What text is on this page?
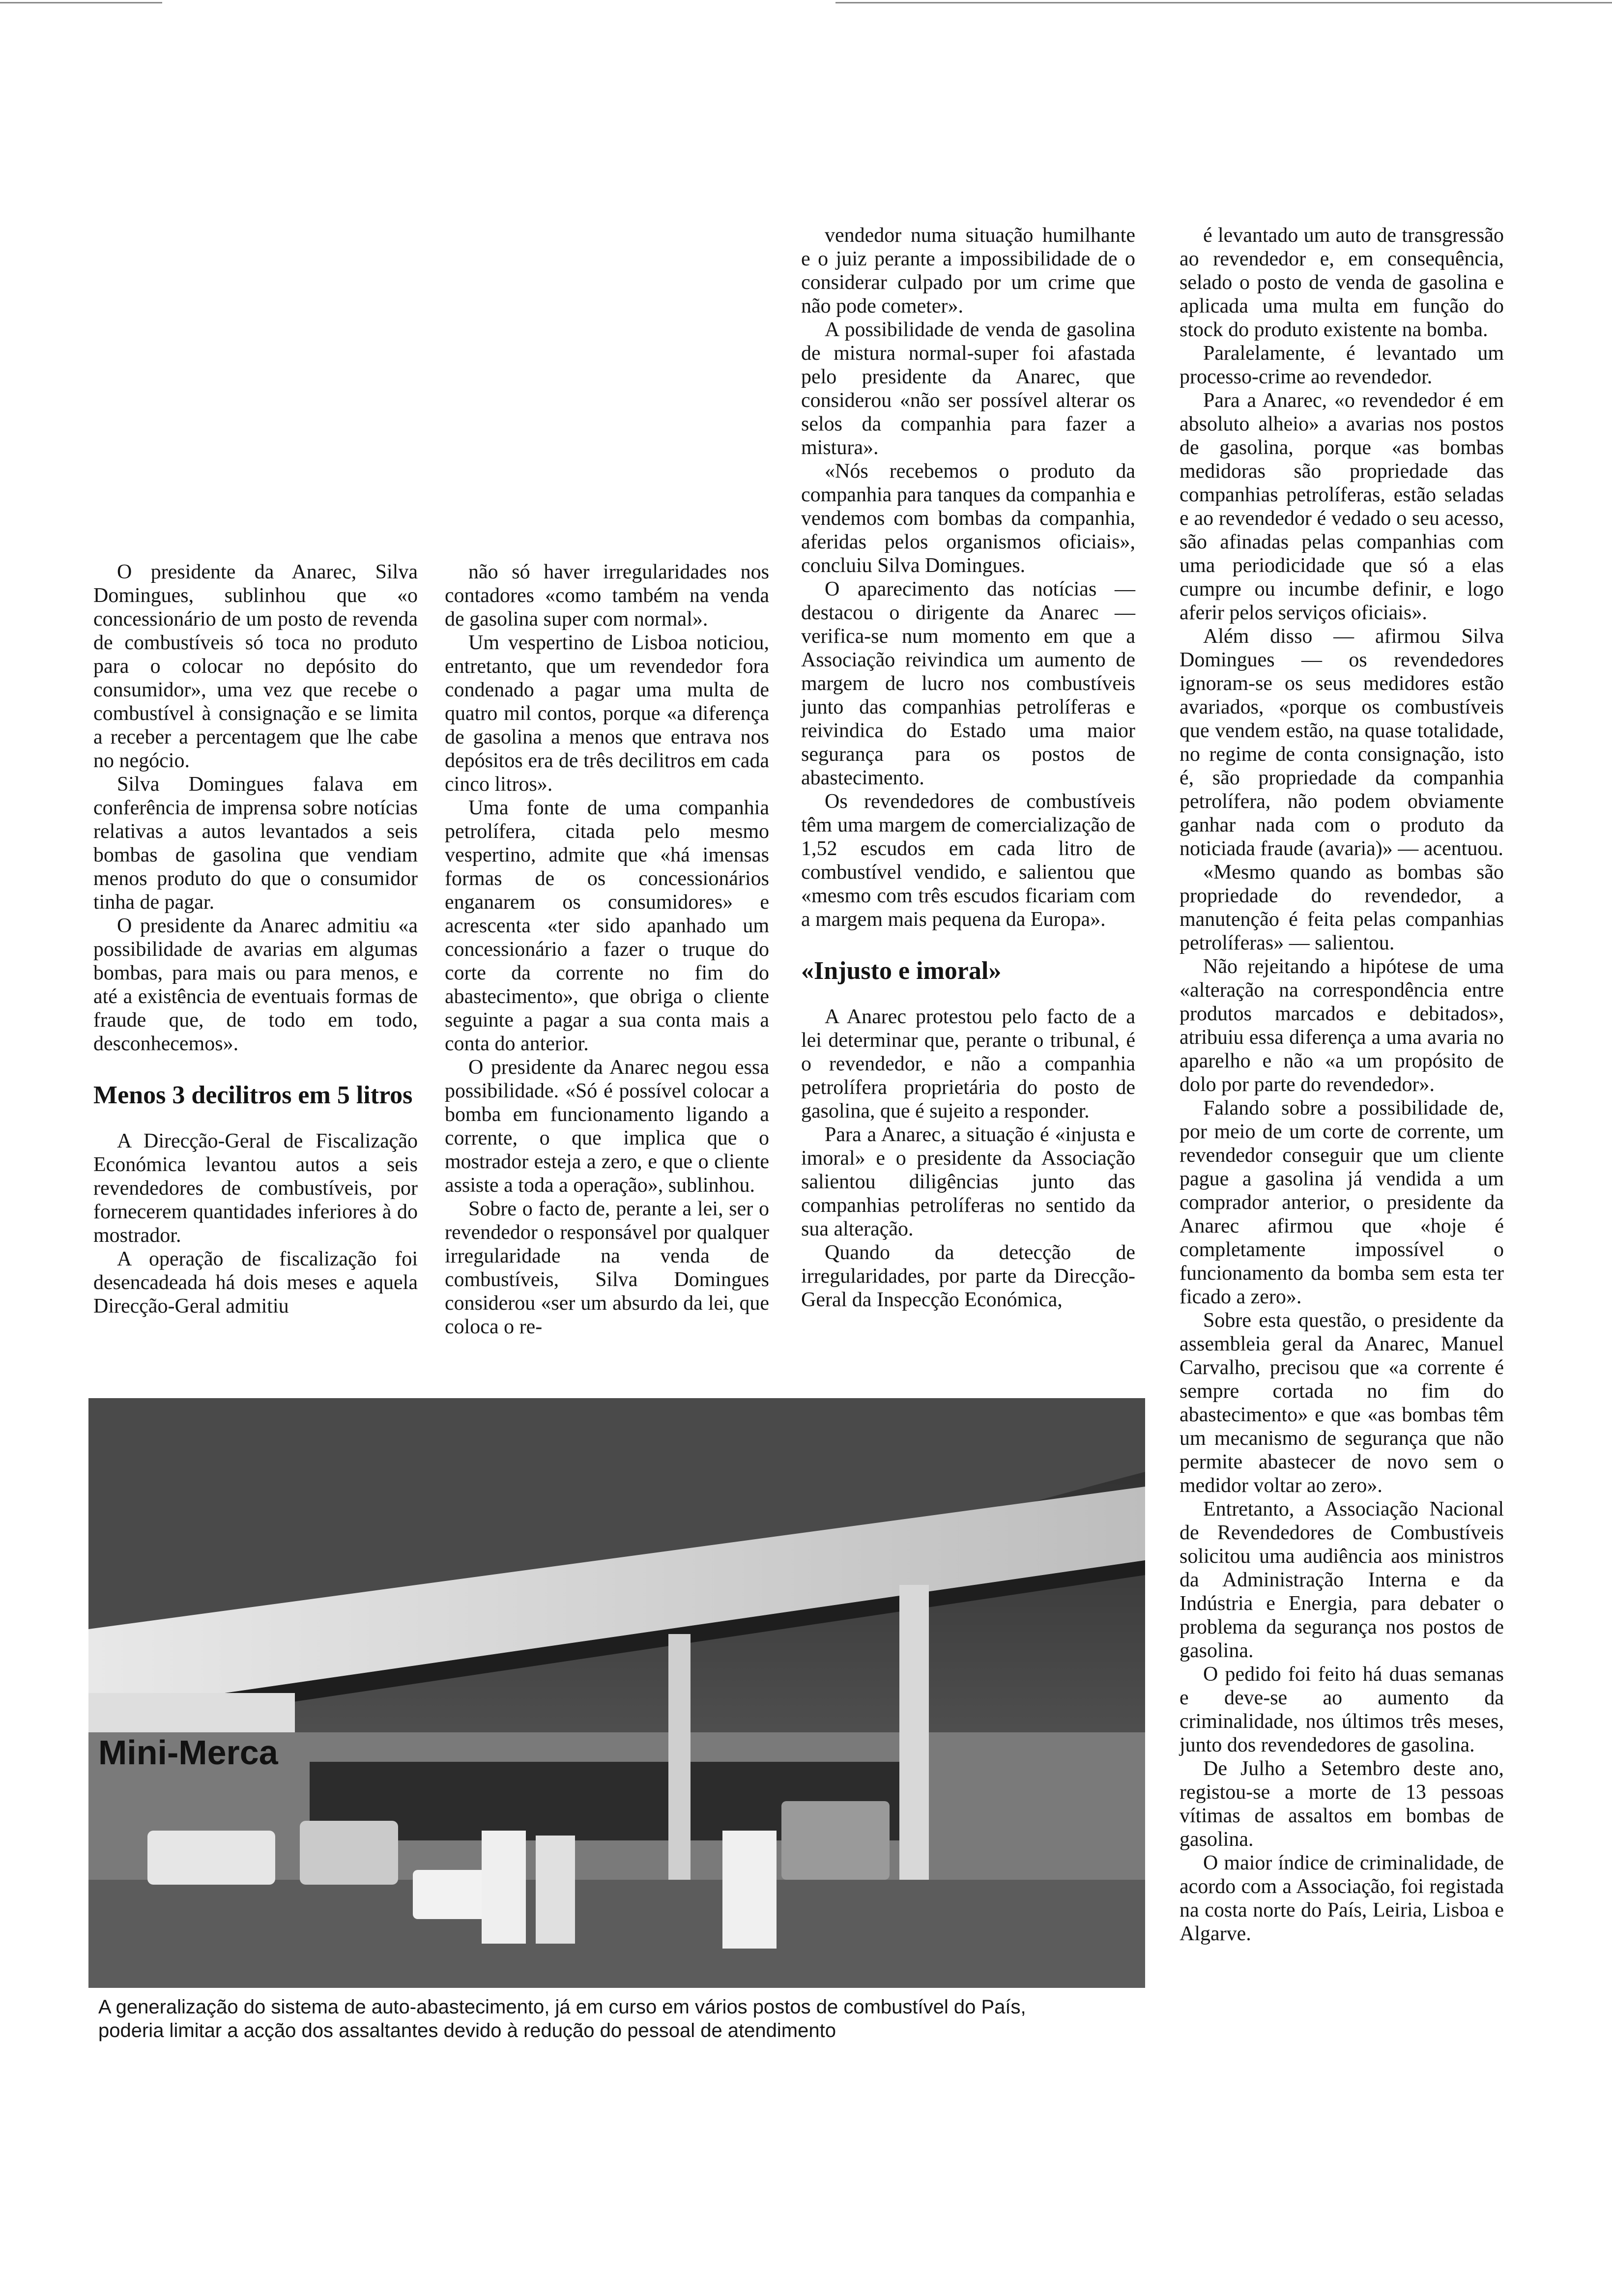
O presidente da Anarec, Silva Domingues, sublinhou que «o concessionário de um posto de revenda de combustíveis só toca no produto para o colocar no depósito do consumidor», uma vez que recebe o combustível à consignação e se limita a receber a percentagem que lhe cabe no negócio.

Silva Domingues falava em conferência de imprensa sobre notícias relativas a autos levantados a seis bombas de gasolina que vendiam menos produto do que o consumidor tinha de pagar.

O presidente da Anarec admitiu «a possibilidade de avarias em algumas bombas, para mais ou para menos, e até a existência de eventuais formas de fraude que, de todo em todo, desconhecemos».

Menos 3 decilitros em 5 litros

A Direcção-Geral de Fiscalização Económica levantou autos a seis revendedores de combustíveis, por fornecerem quantidades inferiores à do mostrador.

A operação de fiscalização foi desencadeada há dois meses e aquela Direcção-Geral admitiu

não só haver irregularidades nos contadores «como também na venda de gasolina super com normal».

Um vespertino de Lisboa noticiou, entretanto, que um revendedor fora condenado a pagar uma multa de quatro mil contos, porque «a diferença de gasolina a menos que entrava nos depósitos era de três decilitros em cada cinco litros».

Uma fonte de uma companhia petrolífera, citada pelo mesmo vespertino, admite que «há imensas formas de os concessionários enganarem os consumidores» e acrescenta «ter sido apanhado um concessionário a fazer o truque do corte da corrente no fim do abastecimento», que obriga o cliente seguinte a pagar a sua conta mais a conta do anterior.

O presidente da Anarec negou essa possibilidade. «Só é possível colocar a bomba em funcionamento ligando a corrente, o que implica que o mostrador esteja a zero, e que o cliente assiste a toda a operação», sublinhou.

Sobre o facto de, perante a lei, ser o revendedor o responsável por qualquer irregularidade na venda de combustíveis, Silva Domingues considerou «ser um absurdo da lei, que coloca o re-

vendedor numa situação humilhante e o juiz perante a impossibilidade de o considerar culpado por um crime que não pode cometer».

A possibilidade de venda de gasolina de mistura normal-super foi afastada pelo presidente da Anarec, que considerou «não ser possível alterar os selos da companhia para fazer a mistura».

«Nós recebemos o produto da companhia para tanques da companhia e vendemos com bombas da companhia, aferidas pelos organismos oficiais», concluiu Silva Domingues.

O aparecimento das notícias — destacou o dirigente da Anarec — verifica-se num momento em que a Associação reivindica um aumento de margem de lucro nos combustíveis junto das companhias petrolíferas e reivindica do Estado uma maior segurança para os postos de abastecimento.

Os revendedores de combustíveis têm uma margem de comercialização de 1,52 escudos em cada litro de combustível vendido, e salientou que «mesmo com três escudos ficariam com a margem mais pequena da Europa».

«Injusto e imoral»

A Anarec protestou pelo facto de a lei determinar que, perante o tribunal, é o revendedor, e não a companhia petrolífera proprietária do posto de gasolina, que é sujeito a responder.

Para a Anarec, a situação é «injusta e imoral» e o presidente da Associação salientou diligências junto das companhias petrolíferas no sentido da sua alteração.

Quando da detecção de irregularidades, por parte da Direcção-Geral da Inspecção Económica,

é levantado um auto de transgressão ao revendedor e, em consequência, selado o posto de venda de gasolina e aplicada uma multa em função do stock do produto existente na bomba.

Paralelamente, é levantado um processo-crime ao revendedor.

Para a Anarec, «o revendedor é em absoluto alheio» a avarias nos postos de gasolina, porque «as bombas medidoras são propriedade das companhias petrolíferas, estão seladas e ao revendedor é vedado o seu acesso, são afinadas pelas companhias com uma periodicidade que só a elas cumpre ou incumbe definir, e logo aferir pelos serviços oficiais».

Além disso — afirmou Silva Domingues — os revendedores ignoram-se os seus medidores estão avariados, «porque os combustíveis que vendem estão, na quase totalidade, no regime de conta consignação, isto é, são propriedade da companhia petrolífera, não podem obviamente ganhar nada com o produto da noticiada fraude (avaria)» — acentuou.

«Mesmo quando as bombas são propriedade do revendedor, a manutenção é feita pelas companhias petrolíferas» — salientou.

Não rejeitando a hipótese de uma «alteração na correspondência entre produtos marcados e debitados», atribuiu essa diferença a uma avaria no aparelho e não «a um propósito de dolo por parte do revendedor».

Falando sobre a possibilidade de, por meio de um corte de corrente, um revendedor conseguir que um cliente pague a gasolina já vendida a um comprador anterior, o presidente da Anarec afirmou que «hoje é completamente impossível o funcionamento da bomba sem esta ter ficado a zero».

Sobre esta questão, o presidente da assembleia geral da Anarec, Manuel Carvalho, precisou que «a corrente é sempre cortada no fim do abastecimento» e que «as bombas têm um mecanismo de segurança que não permite abastecer de novo sem o medidor voltar ao zero».

Entretanto, a Associação Nacional de Revendedores de Combustíveis solicitou uma audiência aos ministros da Administração Interna e da Indústria e Energia, para debater o problema da segurança nos postos de gasolina.

O pedido foi feito há duas semanas e deve-se ao aumento da criminalidade, nos últimos três meses, junto dos revendedores de gasolina.

De Julho a Setembro deste ano, registou-se a morte de 13 pessoas vítimas de assaltos em bombas de gasolina.

O maior índice de criminalidade, de acordo com a Associação, foi registada na costa norte do País, Leiria, Lisboa e Algarve.

Mini-Merca
A generalização do sistema de auto-abastecimento, já em curso em vários postos de combustível do País,
poderia limitar a acção dos assaltantes devido à redução do pessoal de atendimento
